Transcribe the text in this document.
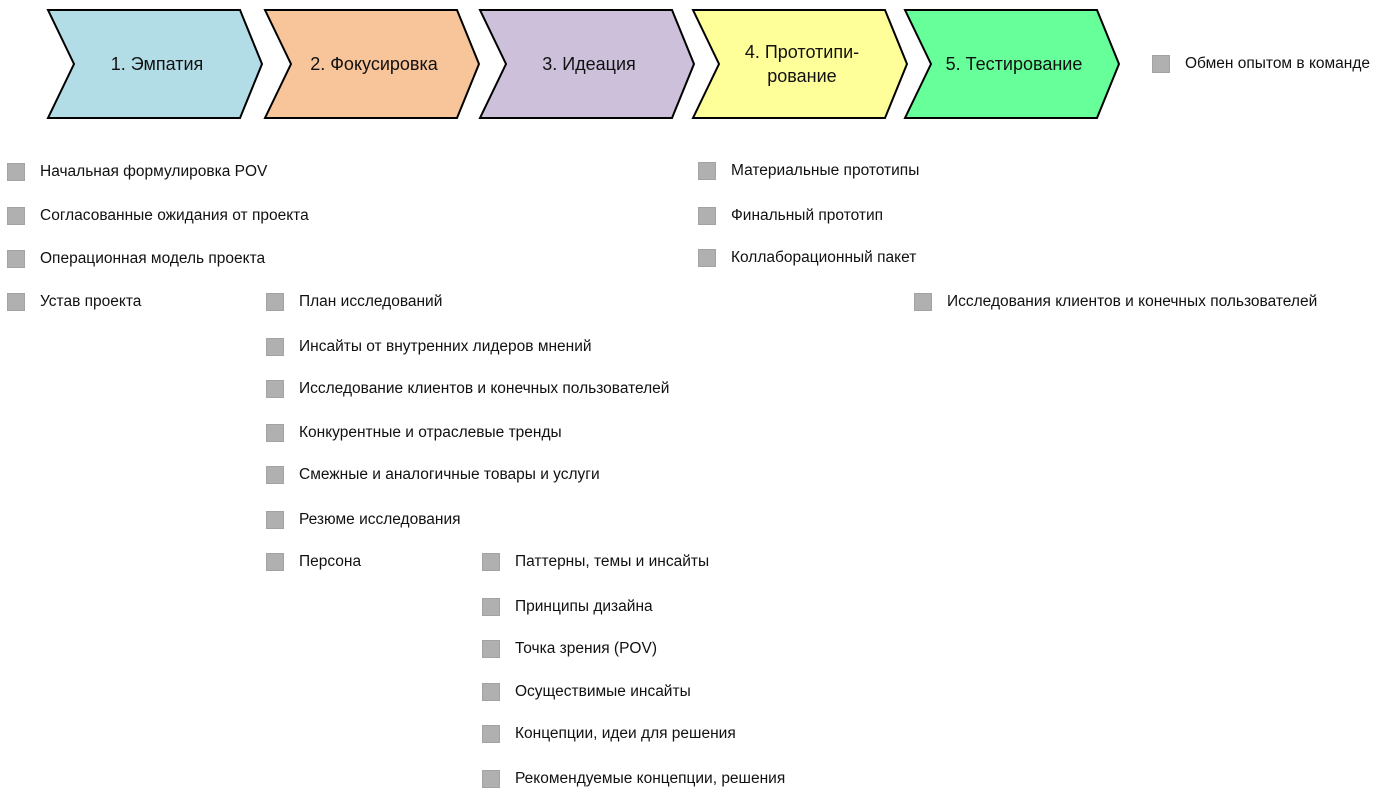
1. Эмпатия	2. Фокусировка	3. Идеация
4. Прототипи-
рование
5. Тестирование	Обмен опытом в команде
Начальная формулировка POV
Согласованные ожидания от проекта
Операционная модель проекта
Устав проекта	План исследований
Инсайты от внутренних лидеров мнений
Исследование клиентов и конечных пользователей
Конкурентные и отраслевые тренды
Смежные и аналогичные товары и услуги
Резюме исследования
Персона	Паттерны, темы и инсайты
Принципы дизайна
Точка зрения (POV)
Осуществимые инсайты
Концепции, идеи для решения
Рекомендуемые концепции, решения
Материальные прототипы
Финальный прототип
Коллаборационный пакет
Исследования клиентов и конечных пользователей
